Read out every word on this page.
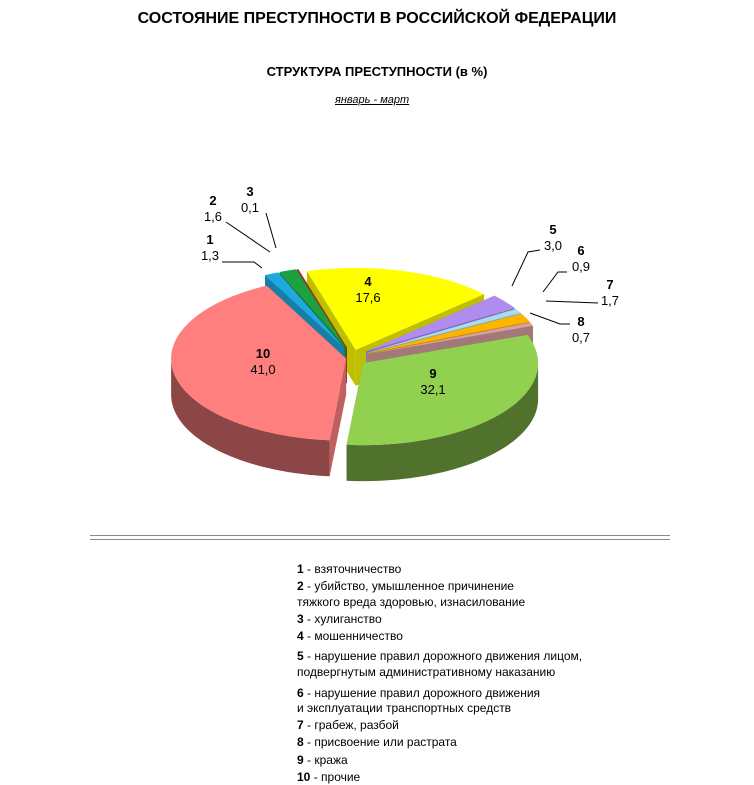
СОСТОЯНИЕ ПРЕСТУПНОСТИ В РОССИЙСКОЙ ФЕДЕРАЦИИ
СТРУКТУРА ПРЕСТУПНОСТИ (в %)
январь - март
1
1,3
2
1,6
3
0,1
4
17,6
5
3,0	6
0,9
7
1,7
8
0,7
9
32,1
10
41,0
1 - взяточничество
2 - убийство, умышленное причинение
тяжкого вреда здоровью, изнасилование
3 - хулиганство
4 - мошенничество
5 - нарушение правил дорожного движения лицом,
подвергнутым административному наказанию
6 - нарушение правил дорожного движения
и эксплуатации транспортных средств
7 - грабеж, разбой
8 - присвоение или растрата
9 - кража
10 - прочие
